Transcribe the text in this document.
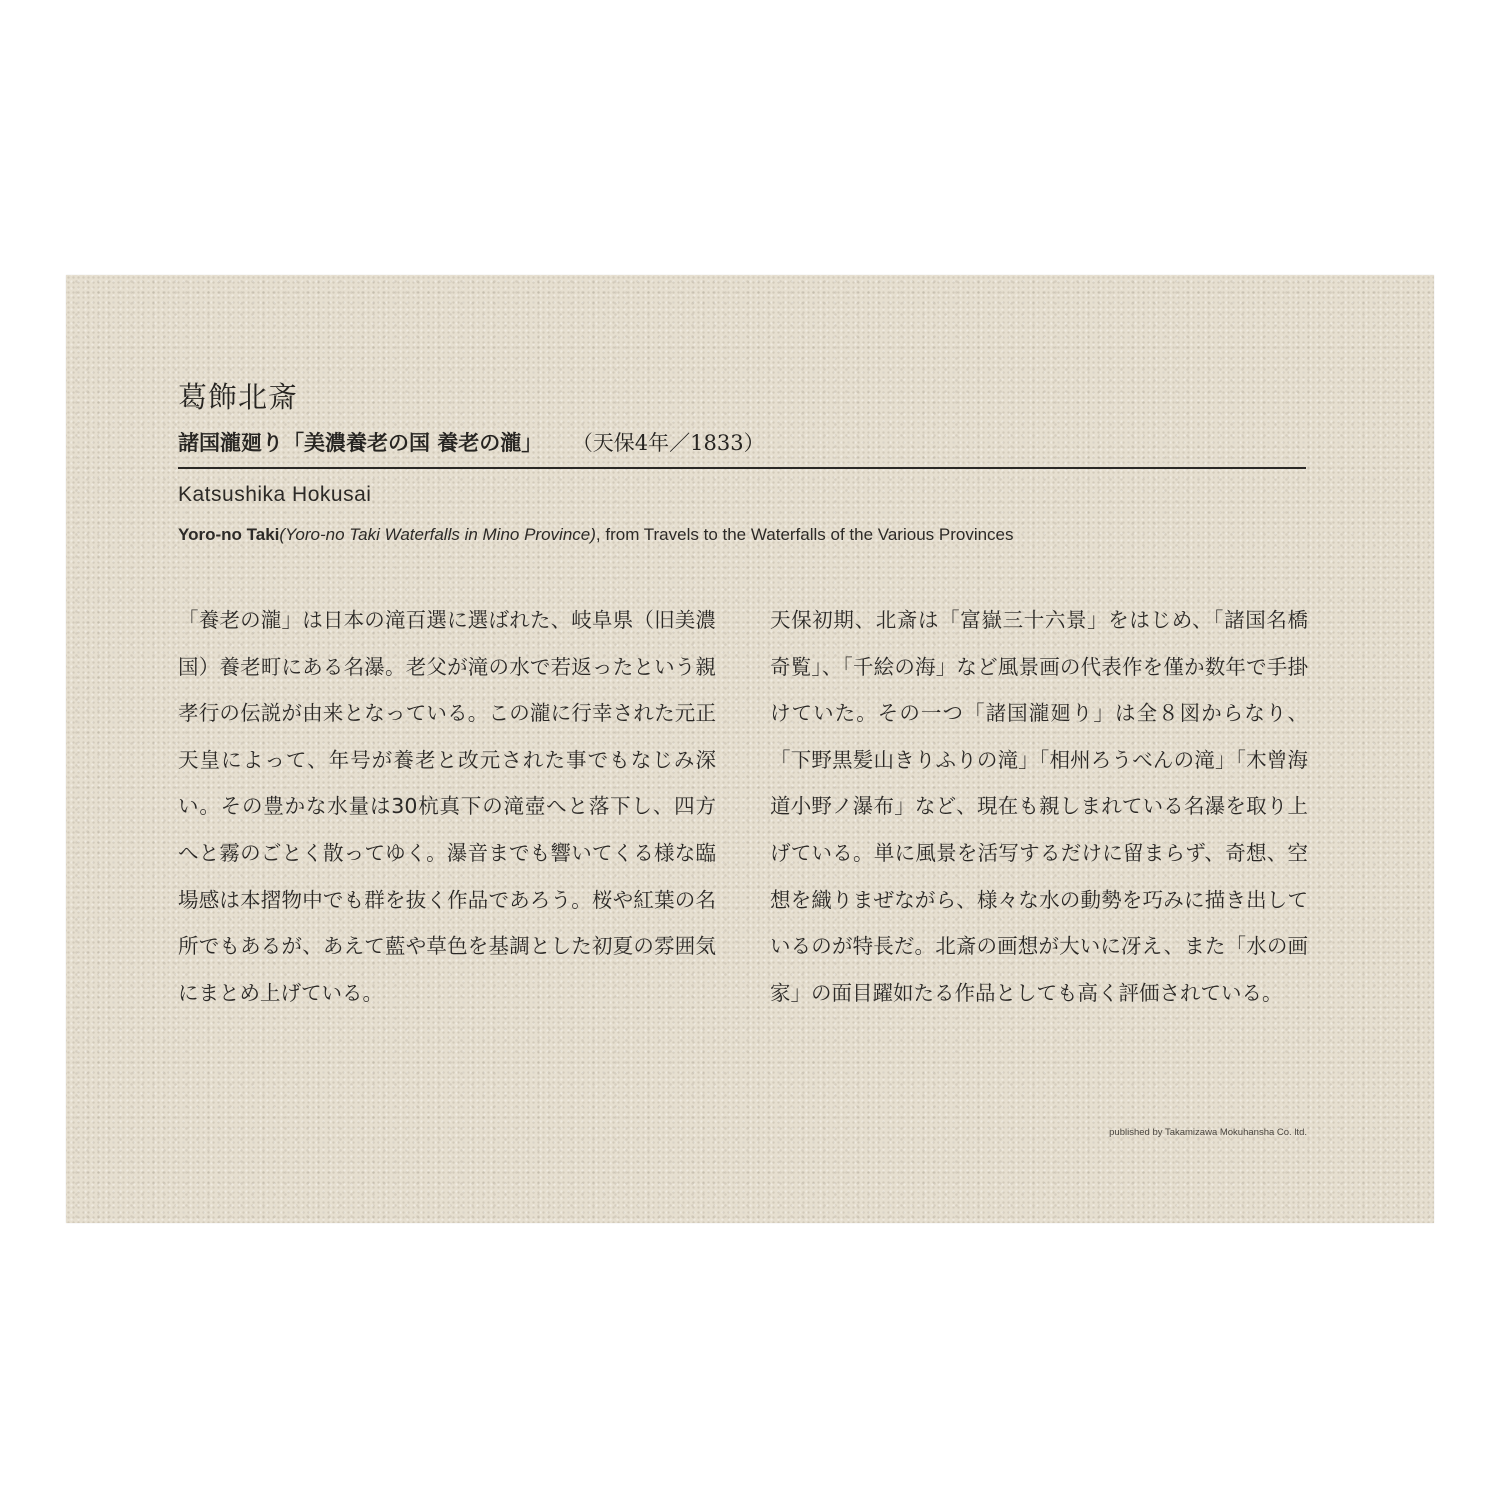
葛飾北斎
諸国瀧廻り「美濃養老の国 養老の瀧」 （天保4年／1833）
Katsushika Hokusai
Yoro-no Taki(Yoro-no Taki Waterfalls in Mino Province), from Travels to the Waterfalls of the Various Provinces

「養老の瀧」は日本の滝百選に選ばれた、岐阜県（旧美濃国）養老町にある名瀑。老父が滝の水で若返ったという親孝行の伝説が由来となっている。この瀧に行幸された元正天皇によって、年号が養老と改元された事でもなじみ深い。その豊かな水量は30杭真下の滝壺へと落下し、四方へと霧のごとく散ってゆく。瀑音までも響いてくる様な臨場感は本摺物中でも群を抜く作品であろう。桜や紅葉の名所でもあるが、あえて藍や草色を基調とした初夏の雰囲気にまとめ上げている。

天保初期、北斎は「富嶽三十六景」をはじめ、「諸国名橋奇覧」、「千絵の海」など風景画の代表作を僅か数年で手掛けていた。その一つ「諸国瀧廻り」は全８図からなり、「下野黒髪山きりふりの滝」「相州ろうべんの滝」「木曾海道小野ノ瀑布」など、現在も親しまれている名瀑を取り上げている。単に風景を活写するだけに留まらず、奇想、空想を織りまぜながら、様々な水の動勢を巧みに描き出しているのが特長だ。北斎の画想が大いに冴え、また「水の画家」の面目躍如たる作品としても高く評価されている。

published by Takamizawa Mokuhansha Co. ltd.
